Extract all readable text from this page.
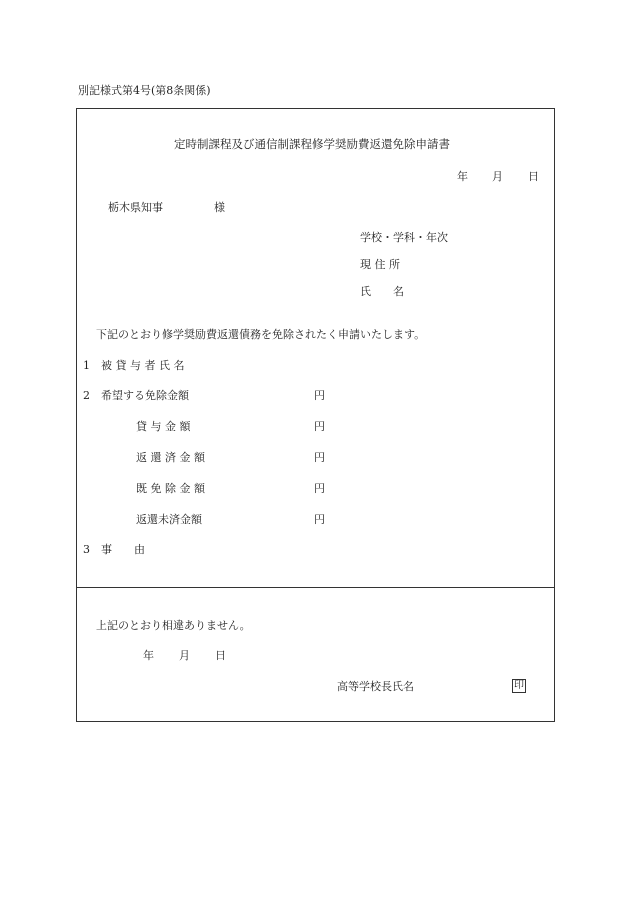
別記様式第4号(第8条関係)
定時制課程及び通信制課程修学奨励費返還免除申請書
年 月 日
栃木県知事	様
学校・学科・年次
現 住 所
氏　　名
下記のとおり修学奨励費返還債務を免除されたく申請いたします。
1 被 貸 与 者 氏 名
2 希望する免除金額	円
貸 与 金 額	円
返 還 済 金 額	円
既 免 除 金 額	円
返還未済金額	円
3 事　　由
上記のとおり相違ありません。
年 月 日
高等学校長氏名	印
